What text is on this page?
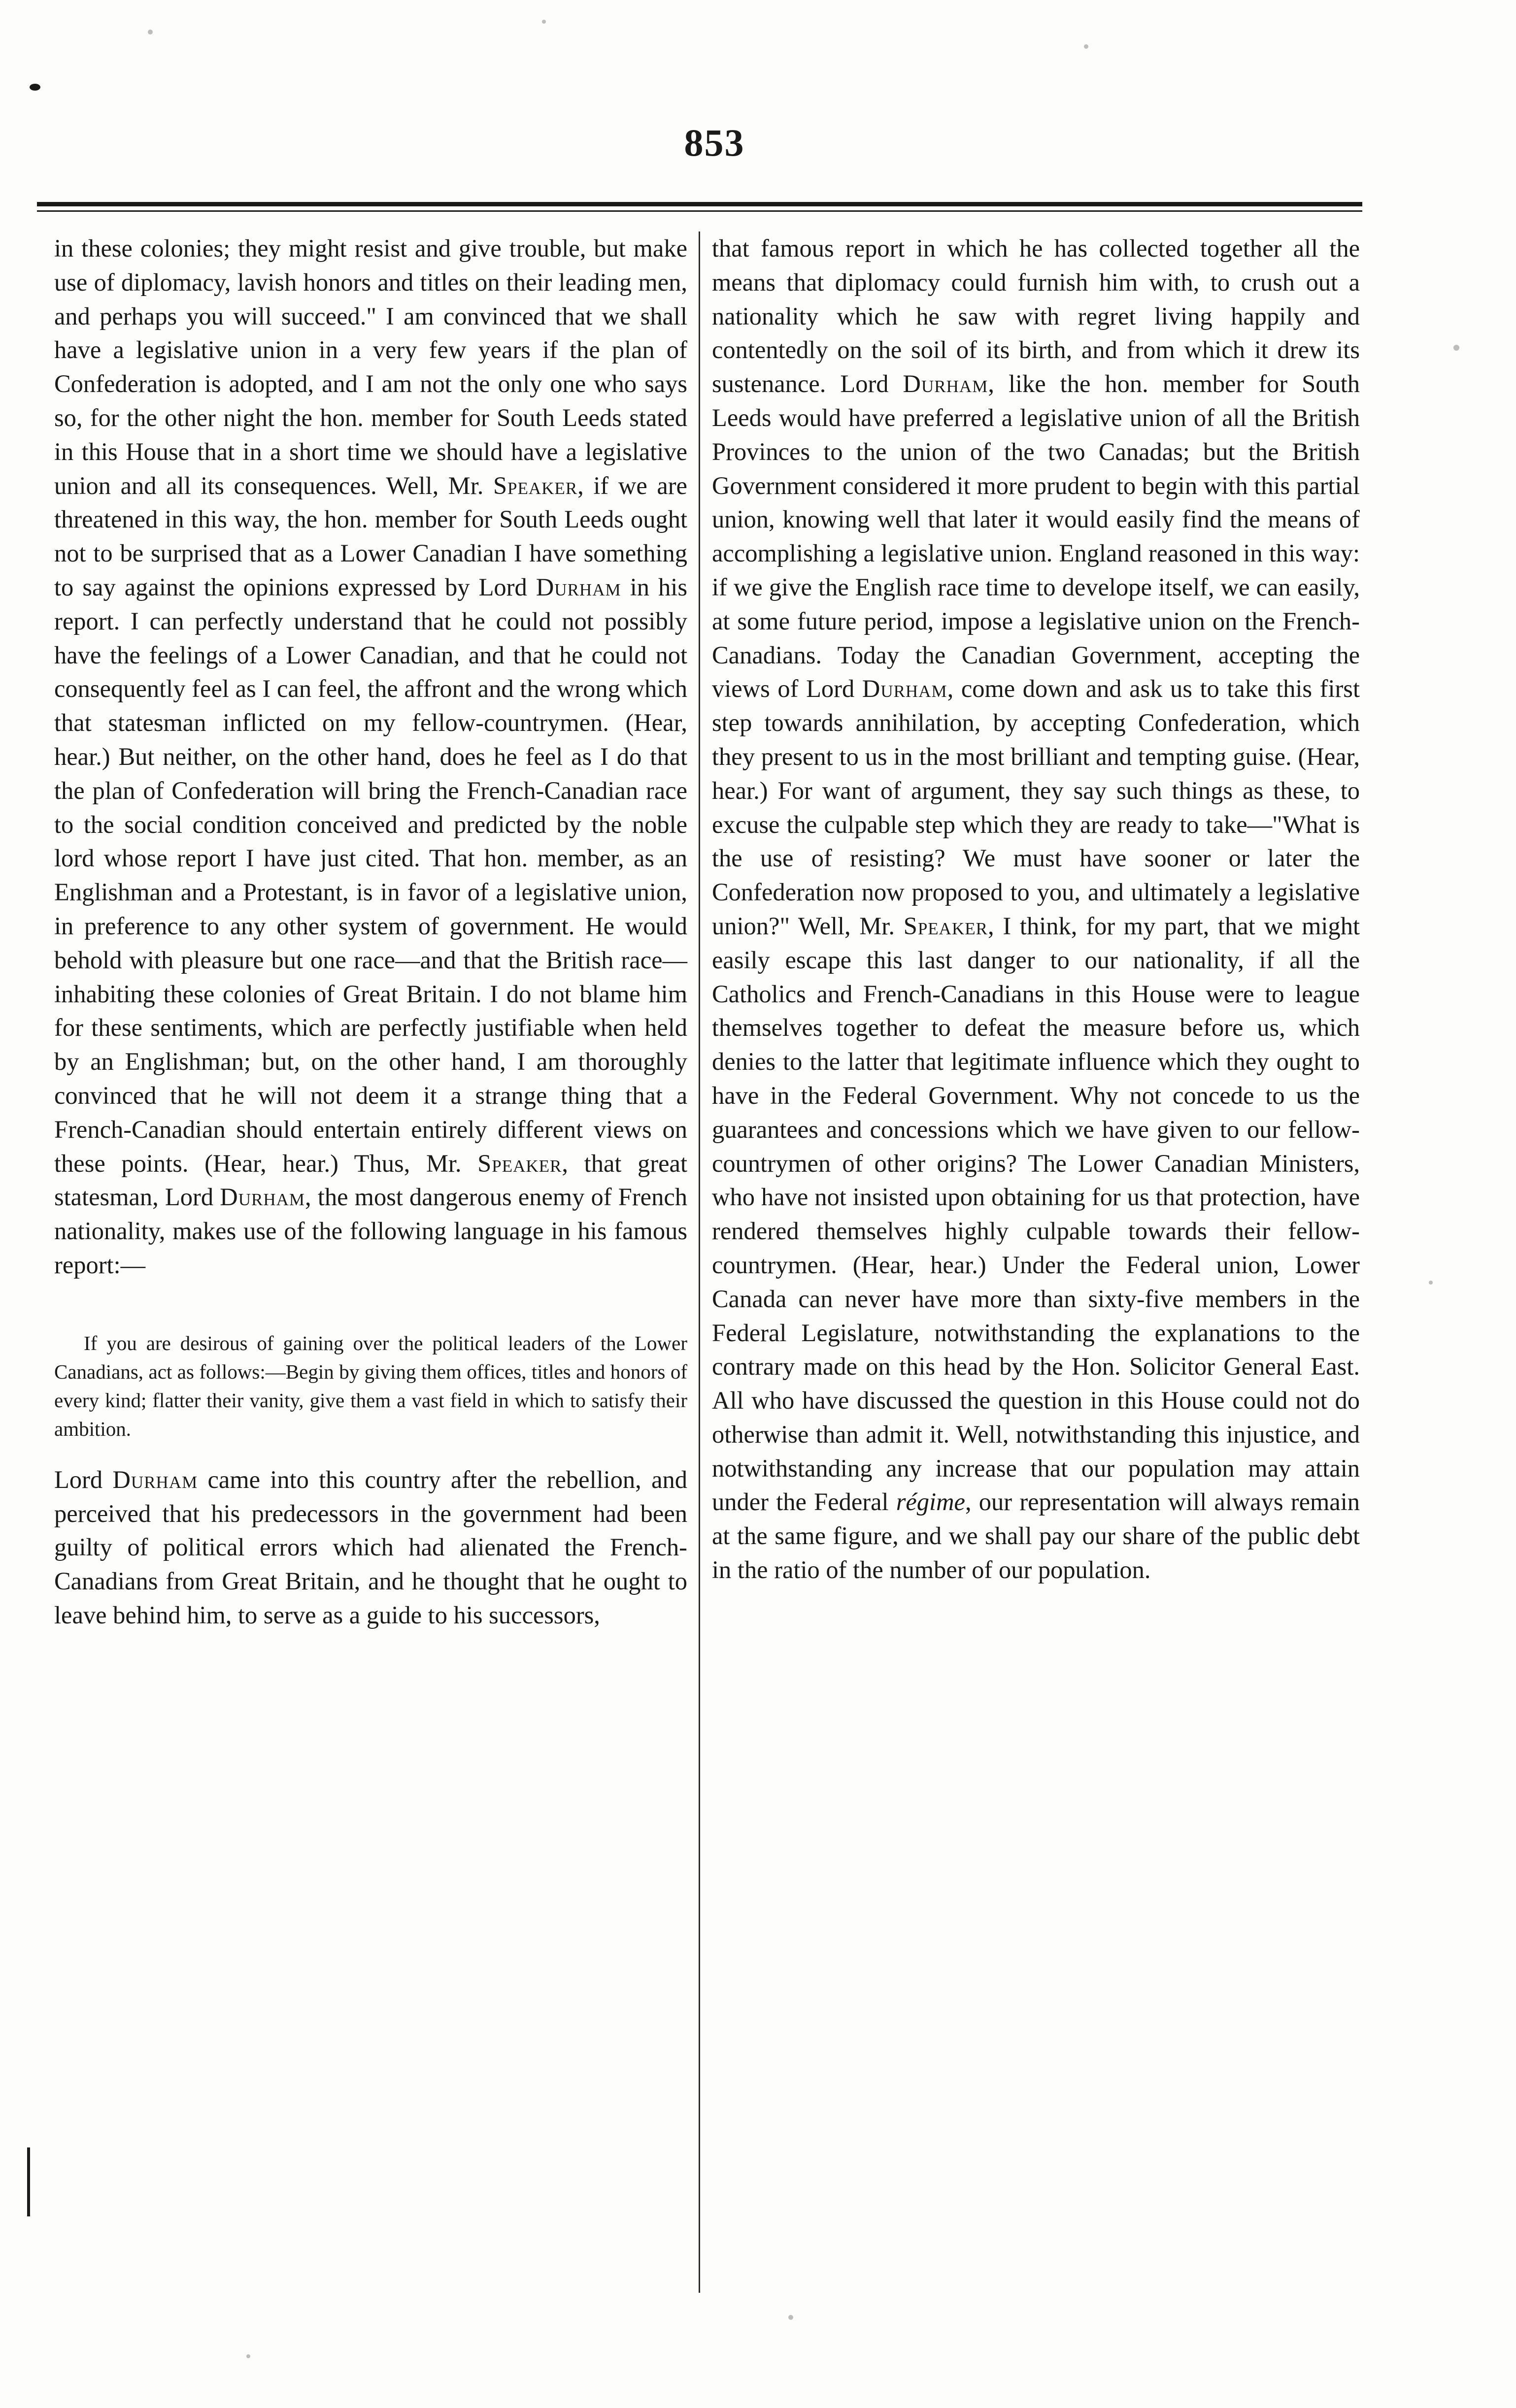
853

in these colonies; they might resist and give trouble, but make use of diplomacy, lavish honors and titles on their leading men, and perhaps you will succeed." I am convinced that we shall have a legislative union in a very few years if the plan of Confederation is adopted, and I am not the only one who says so, for the other night the hon. member for South Leeds stated in this House that in a short time we should have a legislative union and all its consequences. Well, Mr. Speaker, if we are threatened in this way, the hon. member for South Leeds ought not to be surprised that as a Lower Canadian I have something to say against the opinions expressed by Lord Durham in his report. I can perfectly understand that he could not possibly have the feelings of a Lower Canadian, and that he could not consequently feel as I can feel, the affront and the wrong which that statesman inflicted on my fellow-countrymen. (Hear, hear.) But neither, on the other hand, does he feel as I do that the plan of Confederation will bring the French-Canadian race to the social condition conceived and predicted by the noble lord whose report I have just cited. That hon. member, as an Englishman and a Protestant, is in favor of a legislative union, in preference to any other system of government. He would behold with pleasure but one race—and that the British race—inhabiting these colonies of Great Britain. I do not blame him for these sentiments, which are perfectly justifiable when held by an Englishman; but, on the other hand, I am thoroughly convinced that he will not deem it a strange thing that a French-Canadian should entertain entirely different views on these points. (Hear, hear.) Thus, Mr. Speaker, that great statesman, Lord Durham, the most dangerous enemy of French nationality, makes use of the following language in his famous report:—

If you are desirous of gaining over the political leaders of the Lower Canadians, act as follows:—Begin by giving them offices, titles and honors of every kind; flatter their vanity, give them a vast field in which to satisfy their ambition.

Lord Durham came into this country after the rebellion, and perceived that his predecessors in the government had been guilty of political errors which had alienated the French-Canadians from Great Britain, and he thought that he ought to leave behind him, to serve as a guide to his successors,

that famous report in which he has collected together all the means that diplomacy could furnish him with, to crush out a nationality which he saw with regret living happily and contentedly on the soil of its birth, and from which it drew its sustenance. Lord Durham, like the hon. member for South Leeds would have preferred a legislative union of all the British Provinces to the union of the two Canadas; but the British Government considered it more prudent to begin with this partial union, knowing well that later it would easily find the means of accomplishing a legislative union. England reasoned in this way: if we give the English race time to develope itself, we can easily, at some future period, impose a legislative union on the French-Canadians. Today the Canadian Government, accepting the views of Lord Durham, come down and ask us to take this first step towards annihilation, by accepting Confederation, which they present to us in the most brilliant and tempting guise. (Hear, hear.) For want of argument, they say such things as these, to excuse the culpable step which they are ready to take—"What is the use of resisting? We must have sooner or later the Confederation now proposed to you, and ultimately a legislative union?" Well, Mr. Speaker, I think, for my part, that we might easily escape this last danger to our nationality, if all the Catholics and French-Canadians in this House were to league themselves together to defeat the measure before us, which denies to the latter that legitimate influence which they ought to have in the Federal Government. Why not concede to us the guarantees and concessions which we have given to our fellow-countrymen of other origins? The Lower Canadian Ministers, who have not insisted upon obtaining for us that protection, have rendered themselves highly culpable towards their fellow-countrymen. (Hear, hear.) Under the Federal union, Lower Canada can never have more than sixty-five members in the Federal Legislature, notwithstanding the explanations to the contrary made on this head by the Hon. Solicitor General East. All who have discussed the question in this House could not do otherwise than admit it. Well, notwithstanding this injustice, and notwithstanding any increase that our population may attain under the Federal régime, our representation will always remain at the same figure, and we shall pay our share of the public debt in the ratio of the number of our population.
